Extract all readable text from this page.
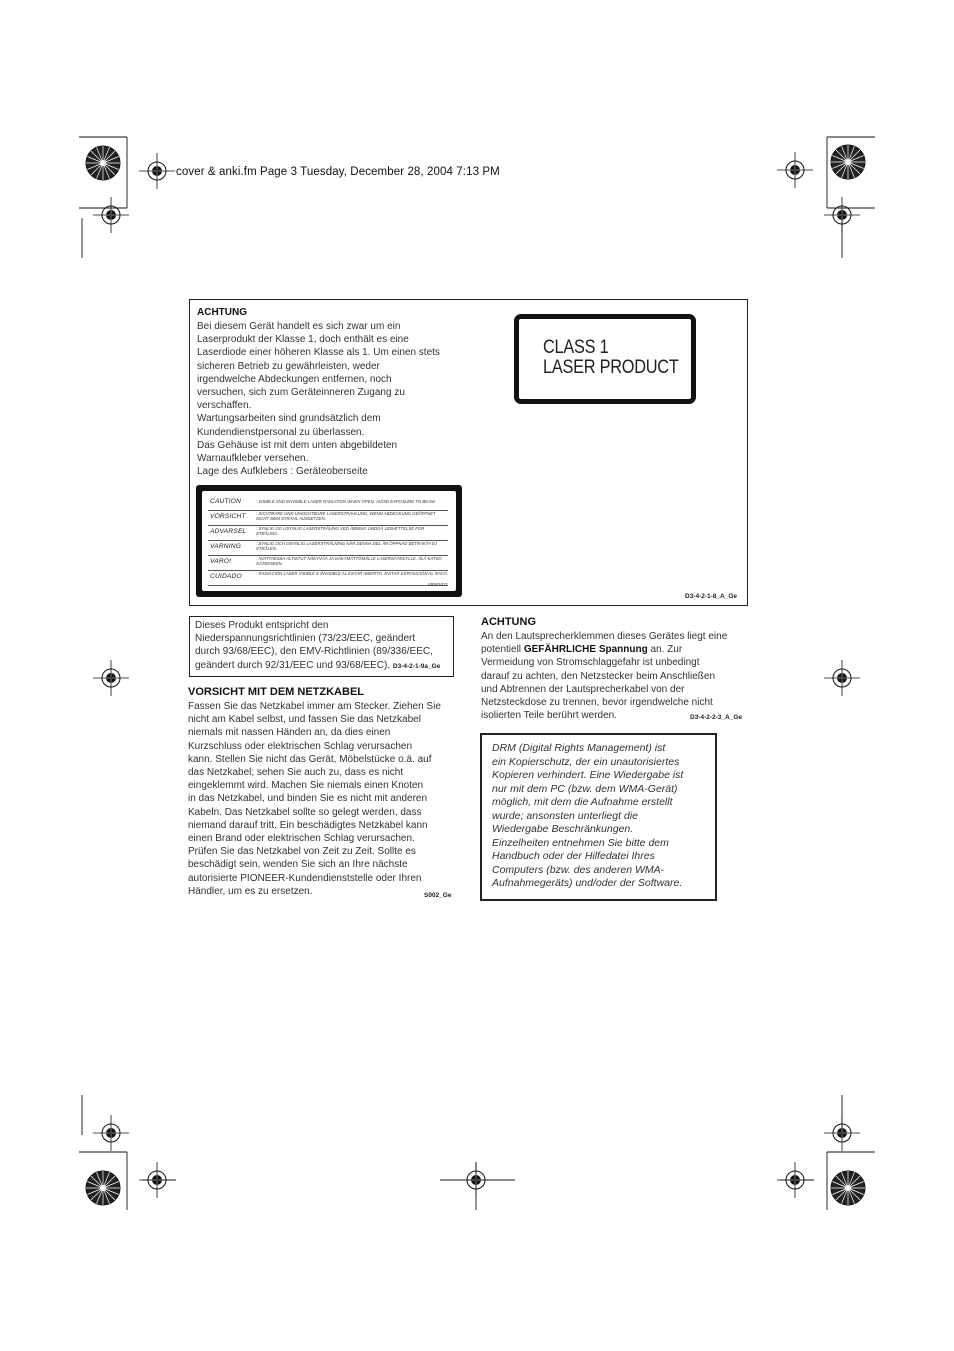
cover & anki.fm Page 3 Tuesday, December 28, 2004 7:13 PM
ACHTUNG
Bei diesem Gerät handelt es sich zwar um ein
Laserprodukt der Klasse 1, doch enthält es eine
Laserdiode einer höheren Klasse als 1. Um einen stets
sicheren Betrieb zu gewährleisten, weder
irgendwelche Abdeckungen entfernen, noch
versuchen, sich zum Geräteinneren Zugang zu
verschaffen.
Wartungsarbeiten sind grundsätzlich dem
Kundendienstpersonal zu überlassen.
Das Gehäuse ist mit dem unten abgebildeten
Warnaufkleber versehen.
Lage des Aufklebers : Geräteoberseite
CLASS 1
LASER PRODUCT
CAUTION	: VISIBLE AND INVISIBLE LASER RADIATION WHEN OPEN. AVOID EXPOSURE TO BEAM.
VORSICHT : SICHTBARE UND UNSICHTBARE LASERSTRAHLUNG, WENN ABDECKUNG GEÖFFNET NICHT DEM STRAHL AUSSETZEN.
ADVARSEL : SYNLIG OG USYNLIG LASERSTRÅLING VED ÅBNING UNDGÅ UDSÆTTELSE FOR STRÅLING.
VARNING	: SYNLIG OCH OSYNLIG LASERSTRÅLNING NÄR DENNA DEL ÄR ÖPPNAD BETRAKTA EJ STRÅLEN.
VARO!	: AVATTAESSA ALTISTUT NÄKYVÄÄ JA NÄKYMÄTTÖMÄLLE LASERSÄTEILYLLE. ÄLÄ KATSO SÄTEESEEN.
CUIDADO	: RADIACIÓN LÁSER VISIBLE E INVISIBLE AL ESTAR ABIERTO. EVITAR EXPOSICIÓN AL RAYO.
VRW1871
D3-4-2-1-8_A_Ge
Dieses Produkt entspricht den
Niederspannungsrichtlinien (73/23/EEC, geändert
durch 93/68/EEC), den EMV-Richtlinien (89/336/EEC,
geändert durch 92/31/EEC und 93/68/EEC). D3-4-2-1-9a_Ge
VORSICHT MIT DEM NETZKABEL
Fassen Sie das Netzkabel immer am Stecker. Ziehen Sie
nicht am Kabel selbst, und fassen Sie das Netzkabel
niemals mit nassen Händen an, da dies einen
Kurzschluss oder elektrischen Schlag verursachen
kann. Stellen Sie nicht das Gerät, Möbelstücke o.ä. auf
das Netzkabel; sehen Sie auch zu, dass es nicht
eingeklemmt wird. Machen Sie niemals einen Knoten
in das Netzkabel, und binden Sie es nicht mit anderen
Kabeln. Das Netzkabel sollte so gelegt werden, dass
niemand darauf tritt. Ein beschädigtes Netzkabel kann
einen Brand oder elektrischen Schlag verursachen.
Prüfen Sie das Netzkabel von Zeit zu Zeit. Sollte es
beschädigt sein, wenden Sie sich an Ihre nächste
autorisierte PIONEER-Kundendienststelle oder Ihren
Händler, um es zu ersetzen.	S002_Ge
ACHTUNG
An den Lautsprecherklemmen dieses Gerätes liegt eine
potentiell GEFÄHRLICHE Spannung an. Zur
Vermeidung von Stromschlaggefahr ist unbedingt
darauf zu achten, den Netzstecker beim Anschließen
und Abtrennen der Lautsprecherkabel von der
Netzsteckdose zu trennen, bevor irgendwelche nicht
isolierten Teile berührt werden.	D3-4-2-2-3_A_Ge
DRM (Digital Rights Management) ist
ein Kopierschutz, der ein unautorisiertes
Kopieren verhindert. Eine Wiedergabe ist
nur mit dem PC (bzw. dem WMA-Gerät)
möglich, mit dem die Aufnahme erstellt
wurde; ansonsten unterliegt die
Wiedergabe Beschränkungen.
Einzelheiten entnehmen Sie bitte dem
Handbuch oder der Hilfedatei Ihres
Computers (bzw. des anderen WMA-
Aufnahmegeräts) und/oder der Software.
